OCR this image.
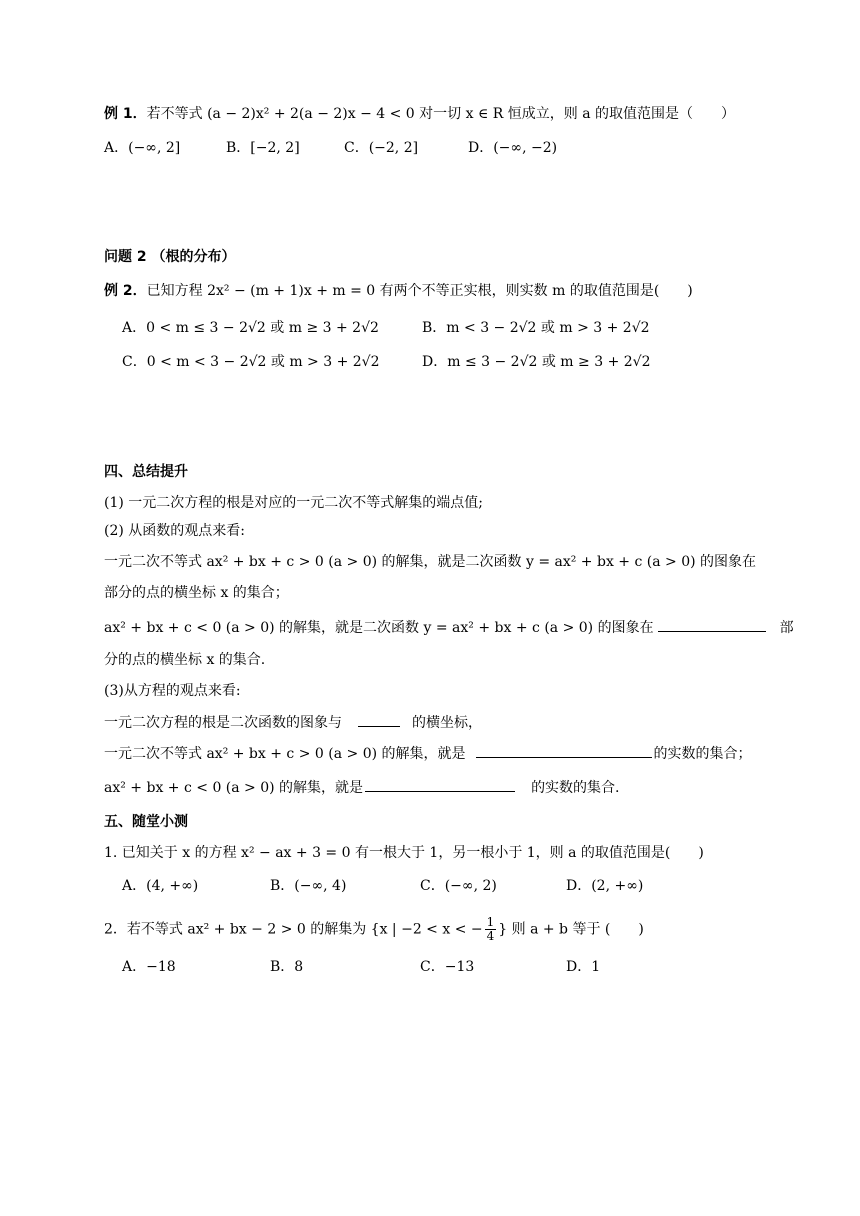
例 1．若不等式 (a − 2)x² + 2(a − 2)x − 4 < 0 对一切 x ∈ R 恒成立，则 a 的取值范围是（　　）
A．(−∞, 2]	B．[−2, 2]	C．(−2, 2]	D．(−∞, −2)
问题 2 （根的分布）
例 2．已知方程 2x² − (m + 1)x + m = 0 有两个不等正实根，则实数 m 的取值范围是(　　)
A．0 < m ≤ 3 − 2√2 或 m ≥ 3 + 2√2	B．m < 3 − 2√2 或 m > 3 + 2√2
C．0 < m < 3 − 2√2 或 m > 3 + 2√2	D．m ≤ 3 − 2√2 或 m ≥ 3 + 2√2
四、总结提升
(1) 一元二次方程的根是对应的一元二次不等式解集的端点值;
(2) 从函数的观点来看:
一元二次不等式 ax² + bx + c > 0 (a > 0) 的解集，就是二次函数 y = ax² + bx + c (a > 0) 的图象在
部分的点的横坐标 x 的集合；
ax² + bx + c < 0 (a > 0) 的解集，就是二次函数 y = ax² + bx + c (a > 0) 的图象在	部
分的点的横坐标 x 的集合.
(3)从方程的观点来看:
一元二次方程的根是二次函数的图象与	的横坐标，
一元二次不等式 ax² + bx + c > 0 (a > 0) 的解集，就是	的实数的集合；
ax² + bx + c < 0 (a > 0) 的解集，就是	的实数的集合.
五、随堂小测
1. 已知关于 x 的方程 x² − ax + 3 = 0 有一根大于 1，另一根小于 1，则 a 的取值范围是(　　)
A．(4, +∞)	B．(−∞, 4)	C．(−∞, 2)	D．(2, +∞)
2．若不等式 ax² + bx − 2 > 0 的解集为 {x | −2 < x < − $\frac{1}{4}$ } 则 a + b 等于 (　　)
A．−18	B．8	C．−13	D．1
